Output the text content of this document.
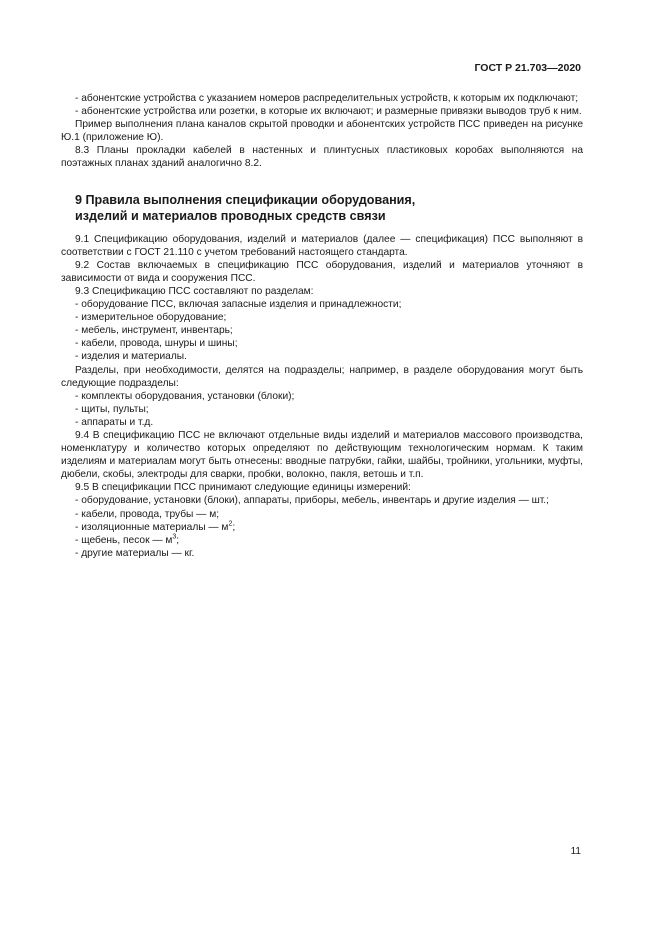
ГОСТ Р 21.703—2020

- абонентские устройства с указанием номеров распределительных устройств, к которым их подключают;

- абонентские устройства или розетки, в которые их включают; и размерные привязки выводов труб к ним.

Пример выполнения плана каналов скрытой проводки и абонентских устройств ПСС приведен на рисунке Ю.1 (приложение Ю).

8.3 Планы прокладки кабелей в настенных и плинтусных пластиковых коробах выполняются на поэтажных планах зданий аналогично 8.2.

9 Правила выполнения спецификации оборудования,
изделий и материалов проводных средств связи

9.1 Спецификацию оборудования, изделий и материалов (далее — спецификация) ПСС выполняют в соответствии с ГОСТ 21.110 с учетом требований настоящего стандарта.

9.2 Состав включаемых в спецификацию ПСС оборудования, изделий и материалов уточняют в зависимости от вида и сооружения ПСС.

9.3 Спецификацию ПСС составляют по разделам:

- оборудование ПСС, включая запасные изделия и принадлежности;

- измерительное оборудование;

- мебель, инструмент, инвентарь;

- кабели, провода, шнуры и шины;

- изделия и материалы.

Разделы, при необходимости, делятся на подразделы; например, в разделе оборудования могут быть следующие подразделы:

- комплекты оборудования, установки (блоки);

- щиты, пульты;

- аппараты и т.д.

9.4 В спецификацию ПСС не включают отдельные виды изделий и материалов массового производства, номенклатуру и количество которых определяют по действующим технологическим нормам. К таким изделиям и материалам могут быть отнесены: вводные патрубки, гайки, шайбы, тройники, угольники, муфты, дюбели, скобы, электроды для сварки, пробки, волокно, пакля, ветошь и т.п.

9.5 В спецификации ПСС принимают следующие единицы измерений:

- оборудование, установки (блоки), аппараты, приборы, мебель, инвентарь и другие изделия — шт.;

- кабели, провода, трубы — м;

- изоляционные материалы — $м^2$;

- щебень, песок — $м^3$;

- другие материалы — кг.

11
